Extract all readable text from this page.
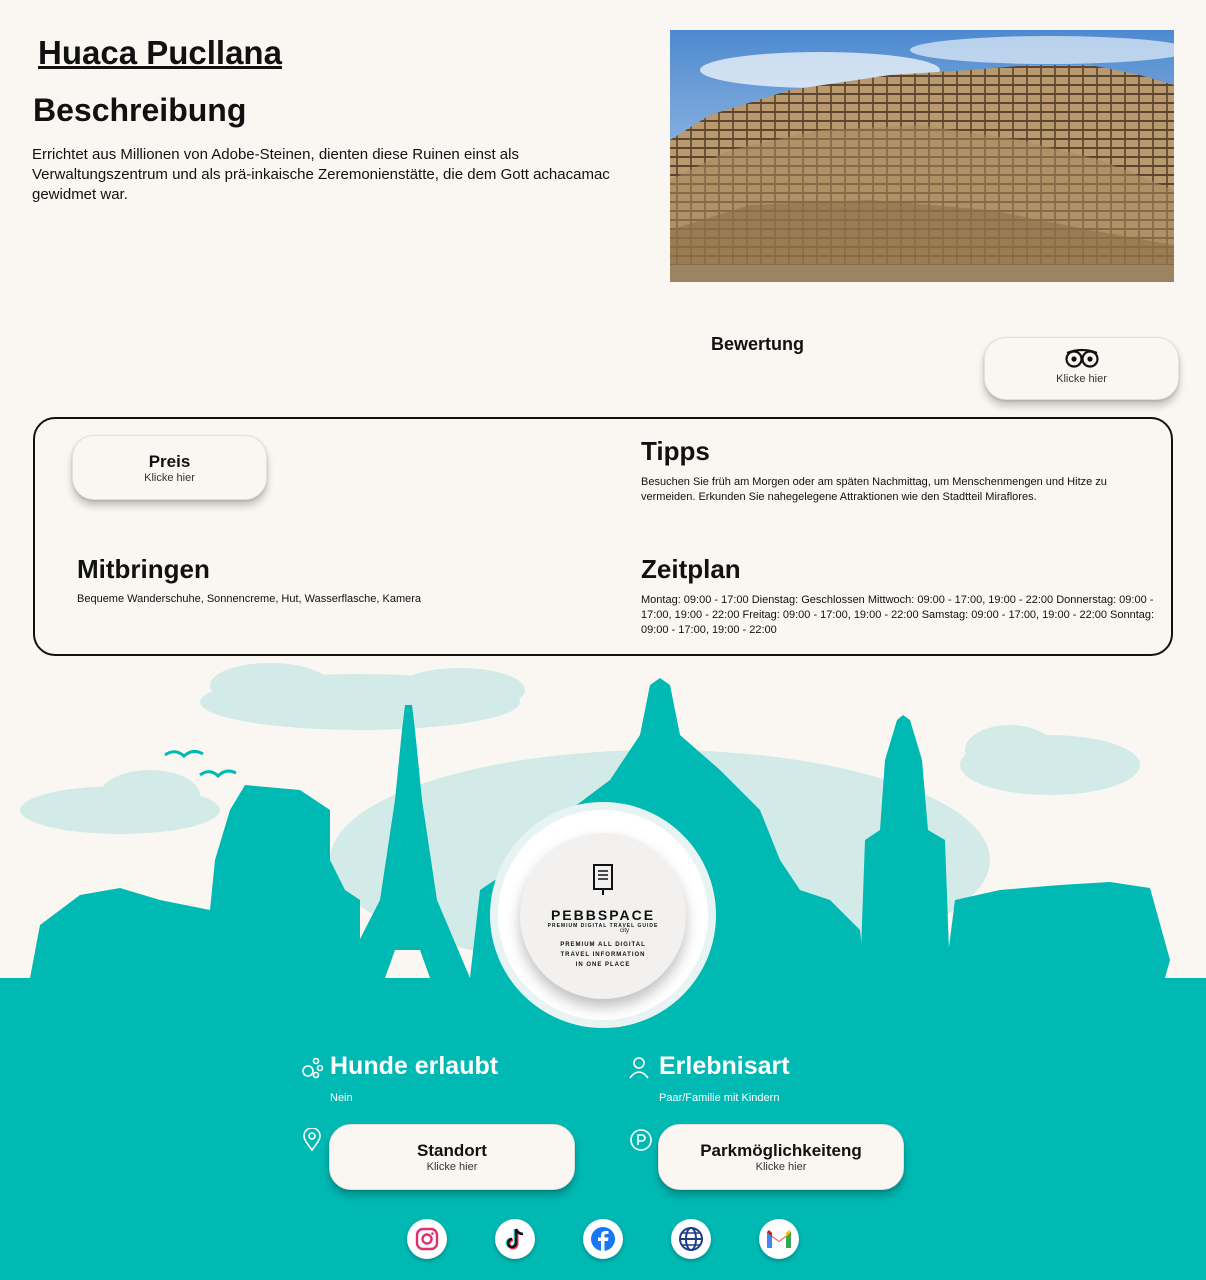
Huaca Pucllana
Beschreibung
Errichtet aus Millionen von Adobe-Steinen, dienten diese Ruinen einst als Verwaltungszentrum und als prä-inkaische Zeremonienstätte, die dem Gott achacamac gewidmet war.
Bewertung
Klicke hier
Preis
Klicke hier
Tipps
Besuchen Sie früh am Morgen oder am späten Nachmittag, um Menschenmengen und Hitze zu vermeiden. Erkunden Sie nahegelegene Attraktionen wie den Stadtteil Miraflores.
Mitbringen
Bequeme Wanderschuhe, Sonnencreme, Hut, Wasserflasche, Kamera
Zeitplan
Montag: 09:00 - 17:00 Dienstag: Geschlossen Mittwoch: 09:00 - 17:00, 19:00 - 22:00 Donnerstag: 09:00 - 17:00, 19:00 - 22:00 Freitag: 09:00 - 17:00, 19:00 - 22:00 Samstag: 09:00 - 17:00, 19:00 - 22:00 Sonntag: 09:00 - 17:00, 19:00 - 22:00
PEBBSPACE
PREMIUM DIGITAL TRAVEL GUIDE
city
PREMIUM ALL DIGITAL
TRAVEL INFORMATION
IN ONE PLACE
Hunde erlaubt
Nein
Erlebnisart
Paar/Familie mit Kindern
Standort
Klicke hier
Parkmöglichkeiteng
Klicke hier
